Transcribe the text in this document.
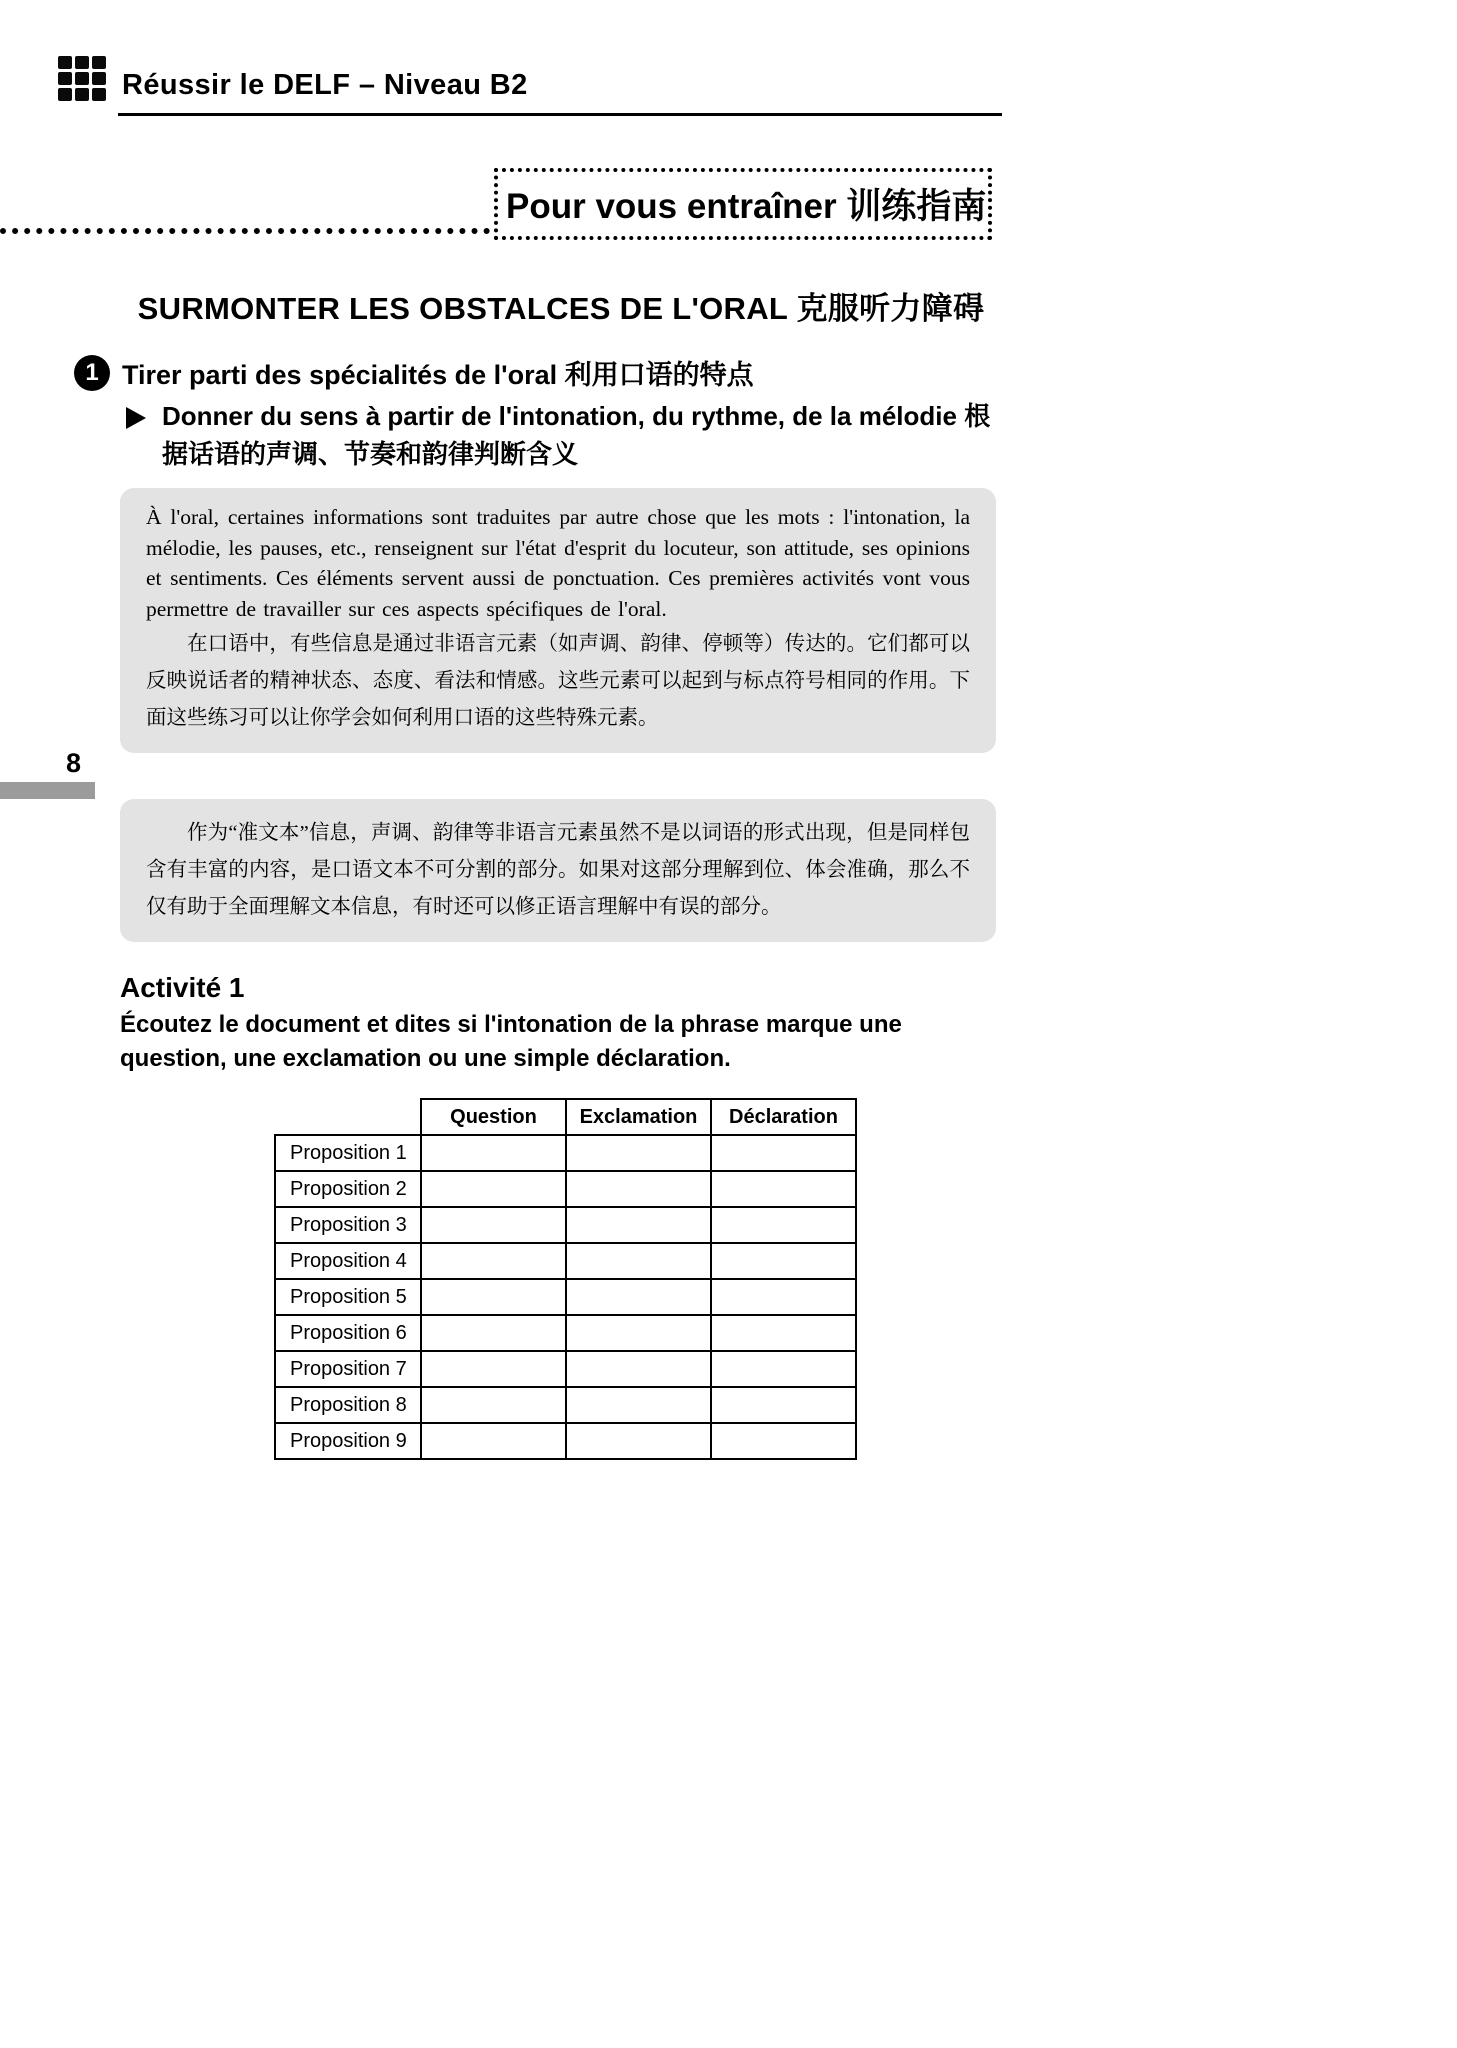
Réussir le DELF – Niveau B2
Pour vous entraîner 训练指南
SURMONTER LES OBSTALCES DE L'ORAL 克服听力障碍
1 Tirer parti des spécialités de l'oral 利用口语的特点
Donner du sens à partir de l'intonation, du rythme, de la mélodie 根据话语的声调、节奏和韵律判断含义

À l'oral, certaines informations sont traduites par autre chose que les mots : l'intonation, la mélodie, les pauses, etc., renseignent sur l'état d'esprit du locuteur, son attitude, ses opinions et sentiments. Ces éléments servent aussi de ponctuation. Ces premières activités vont vous permettre de travailler sur ces aspects spécifiques de l'oral.

在口语中，有些信息是通过非语言元素（如声调、韵律、停顿等）传达的。它们都可以反映说话者的精神状态、态度、看法和情感。这些元素可以起到与标点符号相同的作用。下面这些练习可以让你学会如何利用口语的这些特殊元素。

8

作为“准文本”信息，声调、韵律等非语言元素虽然不是以词语的形式出现，但是同样包含有丰富的内容，是口语文本不可分割的部分。如果对这部分理解到位、体会准确，那么不仅有助于全面理解文本信息，有时还可以修正语言理解中有误的部分。

Activité 1
Écoutez le document et dites si l'intonation de la phrase marque une question, une exclamation ou une simple déclaration.
	Question	Exclamation	Déclaration
Proposition 1			
Proposition 2			
Proposition 3			
Proposition 4			
Proposition 5			
Proposition 6			
Proposition 7			
Proposition 8			
Proposition 9			
